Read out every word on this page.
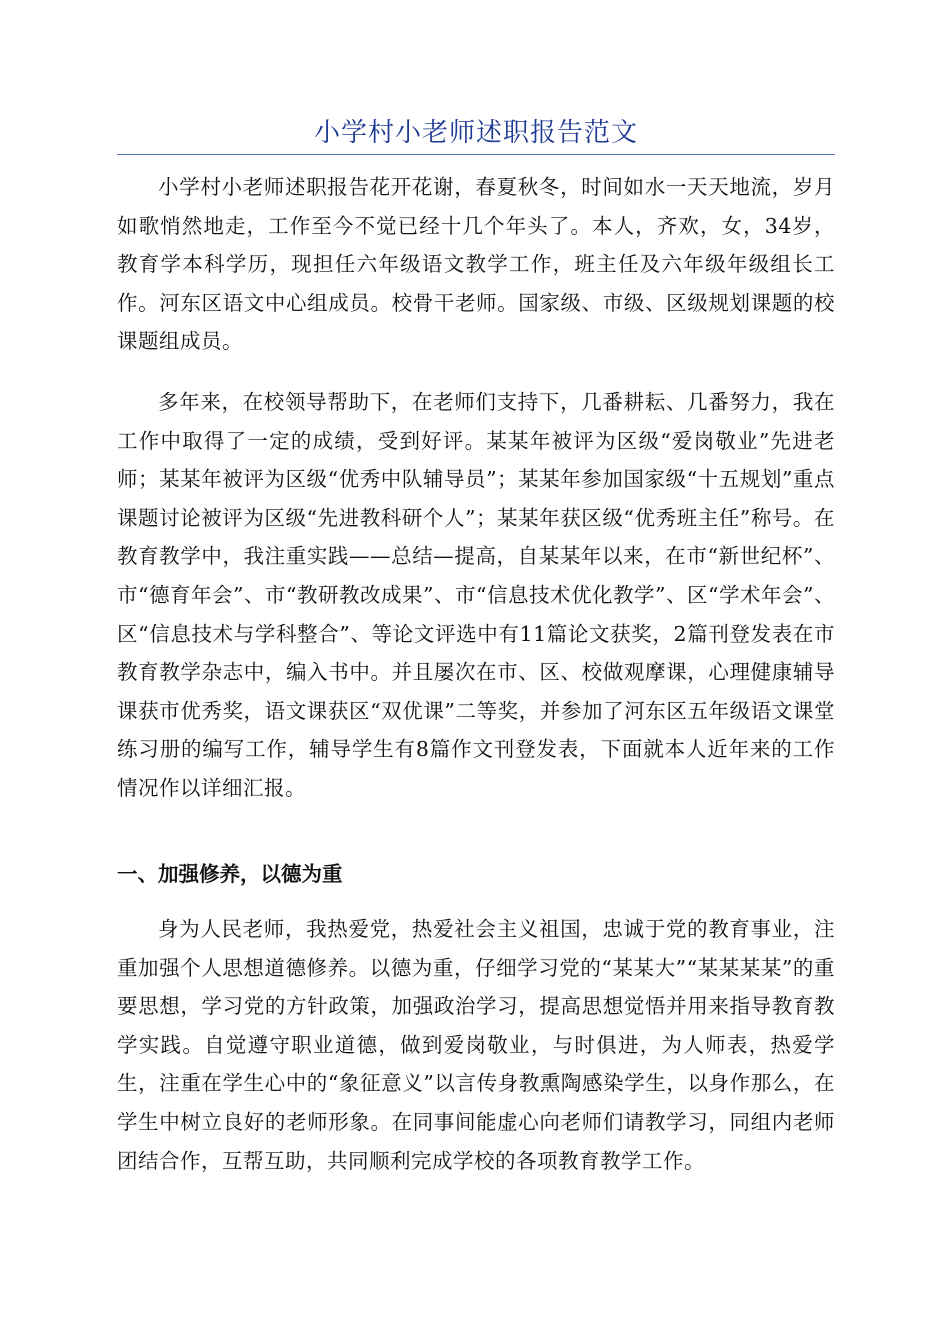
小学村小老师述职报告范文

小学村小老师述职报告花开花谢，春夏秋冬，时间如水一天天地流，岁月如歌悄然地走，工作至今不觉已经十几个年头了。本人，齐欢，女，34岁，教育学本科学历，现担任六年级语文教学工作，班主任及六年级年级组长工作。河东区语文中心组成员。校骨干老师。国家级、市级、区级规划课题的校课题组成员。

多年来，在校领导帮助下，在老师们支持下，几番耕耘、几番努力，我在工作中取得了一定的成绩，受到好评。某某年被评为区级“爱岗敬业”先进老师；某某年被评为区级“优秀中队辅导员”；某某年参加国家级“十五规划”重点课题讨论被评为区级“先进教科研个人”；某某年获区级“优秀班主任”称号。在教育教学中，我注重实践——总结—提高，自某某年以来，在市“新世纪杯”、市“德育年会”、市“教研教改成果”、市“信息技术优化教学”、区“学术年会”、区“信息技术与学科整合”、等论文评选中有11篇论文获奖，2篇刊登发表在市教育教学杂志中，编入书中。并且屡次在市、区、校做观摩课，心理健康辅导课获市优秀奖，语文课获区“双优课”二等奖，并参加了河东区五年级语文课堂练习册的编写工作，辅导学生有8篇作文刊登发表，下面就本人近年来的工作情况作以详细汇报。

一、加强修养，以德为重

身为人民老师，我热爱党，热爱社会主义祖国，忠诚于党的教育事业，注重加强个人思想道德修养。以德为重，仔细学习党的“某某大”“某某某某”的重要思想，学习党的方针政策，加强政治学习，提高思想觉悟并用来指导教育教学实践。自觉遵守职业道德，做到爱岗敬业，与时俱进，为人师表，热爱学生，注重在学生心中的“象征意义”以言传身教熏陶感染学生，以身作那么，在学生中树立良好的老师形象。在同事间能虚心向老师们请教学习，同组内老师团结合作，互帮互助，共同顺利完成学校的各项教育教学工作。
